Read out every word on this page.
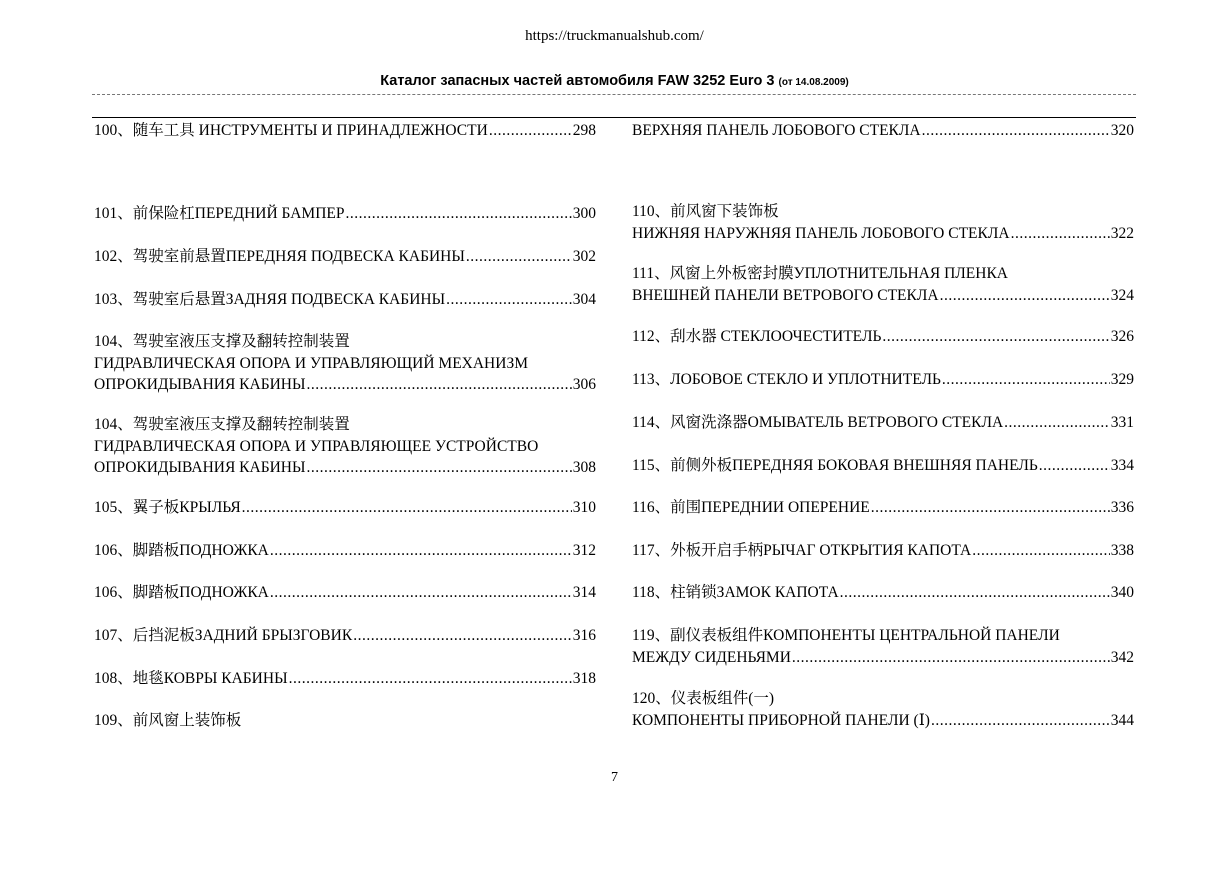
https://truckmanualshub.com/
Каталог запасных частей автомобиля FAW 3252 Euro 3 (от 14.08.2009)
100、随车工具 ИНСТРУМЕНТЫ И ПРИНАДЛЕЖНОСТИ .....	298
101、前保险杠ПЕРЕДНИЙ БАМПЕР .....	300
102、驾驶室前悬置ПЕРЕДНЯЯ ПОДВЕСКА КАБИНЫ .....	302
103、驾驶室后悬置ЗАДНЯЯ ПОДВЕСКА КАБИНЫ .....	304
104、驾驶室液压支撑及翻转控制装置
ГИДРАВЛИЧЕСКАЯ ОПОРА И УПРАВЛЯЮЩИЙ МЕХАНИЗМ
ОПРОКИДЫВАНИЯ КАБИНЫ .....	306
104、驾驶室液压支撑及翻转控制装置
ГИДРАВЛИЧЕСКАЯ ОПОРА И УПРАВЛЯЮЩЕЕ УСТРОЙСТВО
ОПРОКИДЫВАНИЯ КАБИНЫ .....	308
105、翼子板КРЫЛЬЯ .....	310
106、脚踏板ПОДНОЖКА .....	312
106、脚踏板ПОДНОЖКА .....	314
107、后挡泥板ЗАДНИЙ БРЫЗГОВИК .....	316
108、地毯КОВРЫ КАБИНЫ .....	318
109、前风窗上装饰板
ВЕРХНЯЯ ПАНЕЛЬ ЛОБОВОГО СТЕКЛА .....	320
110、前风窗下装饰板
НИЖНЯЯ НАРУЖНЯЯ ПАНЕЛЬ ЛОБОВОГО СТЕКЛА .....	322
111、风窗上外板密封膜УПЛОТНИТЕЛЬНАЯ ПЛЕНКА
ВНЕШНЕЙ ПАНЕЛИ ВЕТРОВОГО СТЕКЛА .....	324
112、刮水器 СТЕКЛООЧЕСТИТЕЛЬ .....	326
113、ЛОБОВОЕ СТЕКЛО И УПЛОТНИТЕЛЬ .....	329
114、风窗洗涤器ОМЫВАТЕЛЬ ВЕТРОВОГО СТЕКЛА .....	331
115、前侧外板ПЕРЕДНЯЯ БОКОВАЯ ВНЕШНЯЯ ПАНЕЛЬ .....	334
116、前围ПЕРЕДНИИ ОПЕРЕНИЕ .....	336
117、外板开启手柄РЫЧАГ ОТКРЫТИЯ КАПОТА .....	338
118、柱销锁ЗАМОК КАПОТА .....	340
119、副仪表板组件КОМПОНЕНТЫ ЦЕНТРАЛЬНОЙ ПАНЕЛИ
МЕЖДУ СИДЕНЬЯМИ .....	342
120、仪表板组件(一)
КОМПОНЕНТЫ ПРИБОРНОЙ ПАНЕЛИ (Ⅰ) .....	344
7
